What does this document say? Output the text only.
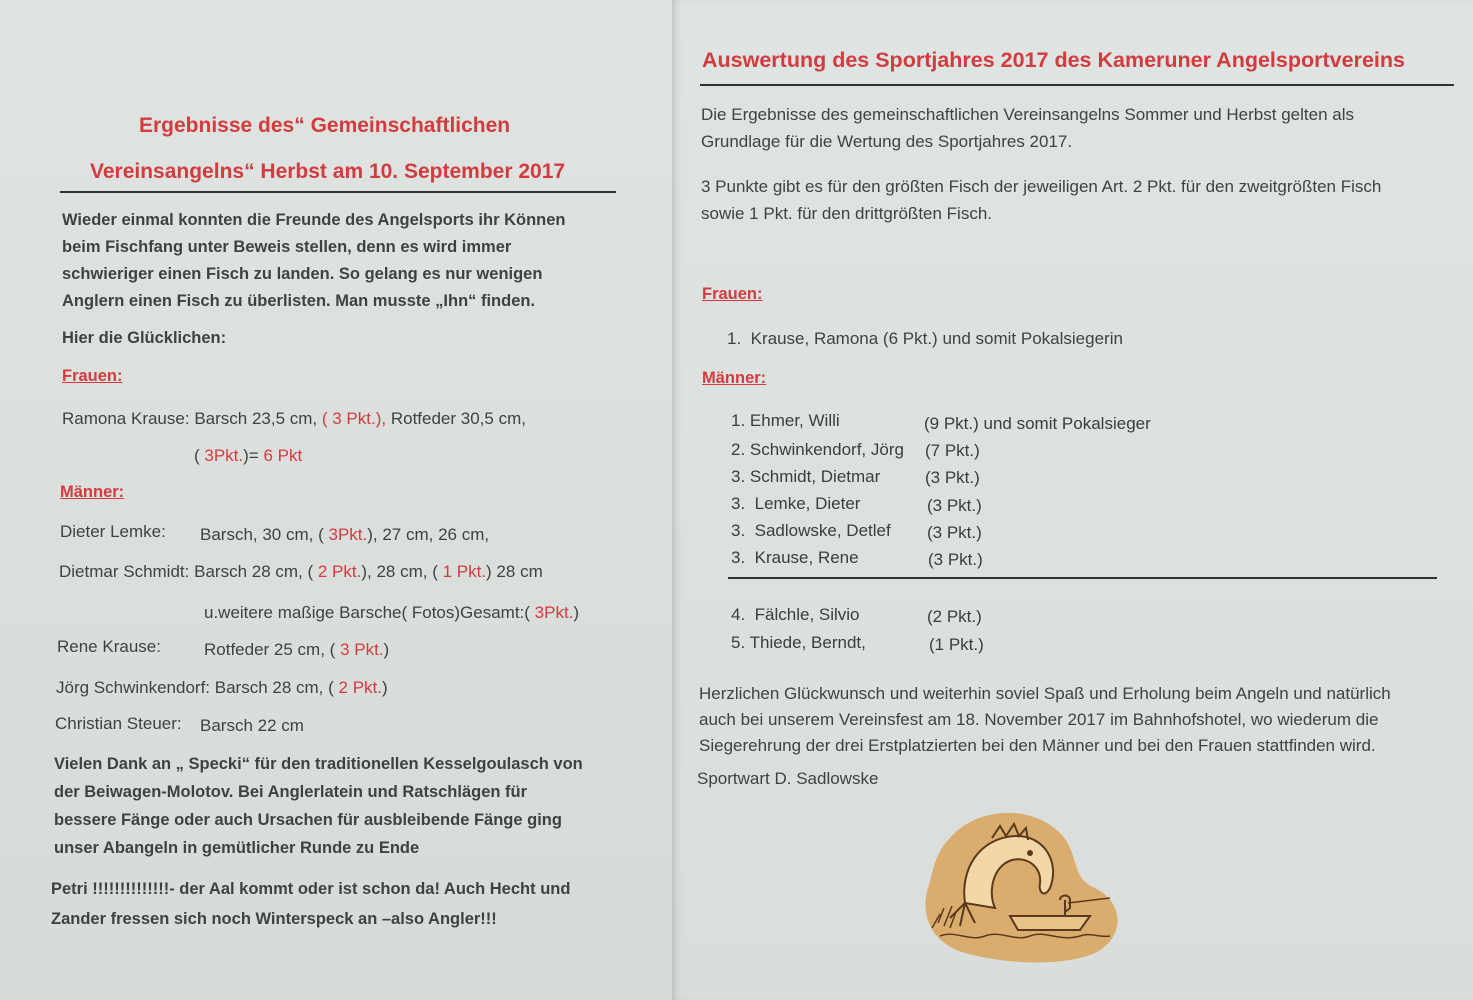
Ergebnisse des“ Gemeinschaftlichen
Vereinsangelns“ Herbst am 10. September 2017

Wieder einmal konnten die Freunde des Angelsports ihr Können

beim Fischfang unter Beweis stellen, denn es wird immer

schwieriger einen Fisch zu landen. So gelang es nur wenigen

Anglern einen Fisch zu überlisten. Man musste „Ihn“ finden.

Hier die Glücklichen:
Frauen:
Ramona Krause: Barsch 23,5 cm, ( 3 Pkt.), Rotfeder 30,5 cm,
( 3Pkt.)= 6 Pkt
Männer:
Dieter Lemke: Barsch, 30 cm, ( 3Pkt.), 27 cm, 26 cm,
Dietmar Schmidt: Barsch 28 cm, ( 2 Pkt.), 28 cm, ( 1 Pkt.) 28 cm
u.weitere maßige Barsche( Fotos)Gesamt:( 3Pkt.)
Rene Krause:	Rotfeder 25 cm, ( 3 Pkt.)
Jörg Schwinkendorf: Barsch 28 cm, ( 2 Pkt.)
Christian Steuer: Barsch 22 cm

Vielen Dank an „ Specki“ für den traditionellen Kesselgoulasch von

der Beiwagen-Molotov. Bei Anglerlatein und Ratschlägen für

bessere Fänge oder auch Ursachen für ausbleibende Fänge ging

unser Abangeln in gemütlicher Runde zu Ende

Petri !!!!!!!!!!!!!!- der Aal kommt oder ist schon da! Auch Hecht und

Zander fressen sich noch Winterspeck an –also Angler!!!

Auswertung des Sportjahres 2017 des Kameruner Angelsportvereins

Die Ergebnisse des gemeinschaftlichen Vereinsangelns Sommer und Herbst gelten als

Grundlage für die Wertung des Sportjahres 2017.

3 Punkte gibt es für den größten Fisch der jeweiligen Art. 2 Pkt. für den zweitgrößten Fisch

sowie 1 Pkt. für den drittgrößten Fisch.

Frauen:
1. Krause, Ramona (6 Pkt.) und somit Pokalsiegerin
Männer:
1. Ehmer, Willi	(9 Pkt.) und somit Pokalsieger
2. Schwinkendorf, Jörg (7 Pkt.)
3. Schmidt, Dietmar	(3 Pkt.)
3. Lemke, Dieter	(3 Pkt.)
3. Sadlowske, Detlef (3 Pkt.)
3. Krause, Rene	(3 Pkt.)
4. Fälchle, Silvio	(2 Pkt.)
5. Thiede, Berndt,	(1 Pkt.)

Herzlichen Glückwunsch und weiterhin soviel Spaß und Erholung beim Angeln und natürlich

auch bei unserem Vereinsfest am 18. November 2017 im Bahnhofshotel, wo wiederum die

Siegerehrung der drei Erstplatzierten bei den Männer und bei den Frauen stattfinden wird.

Sportwart D. Sadlowske
